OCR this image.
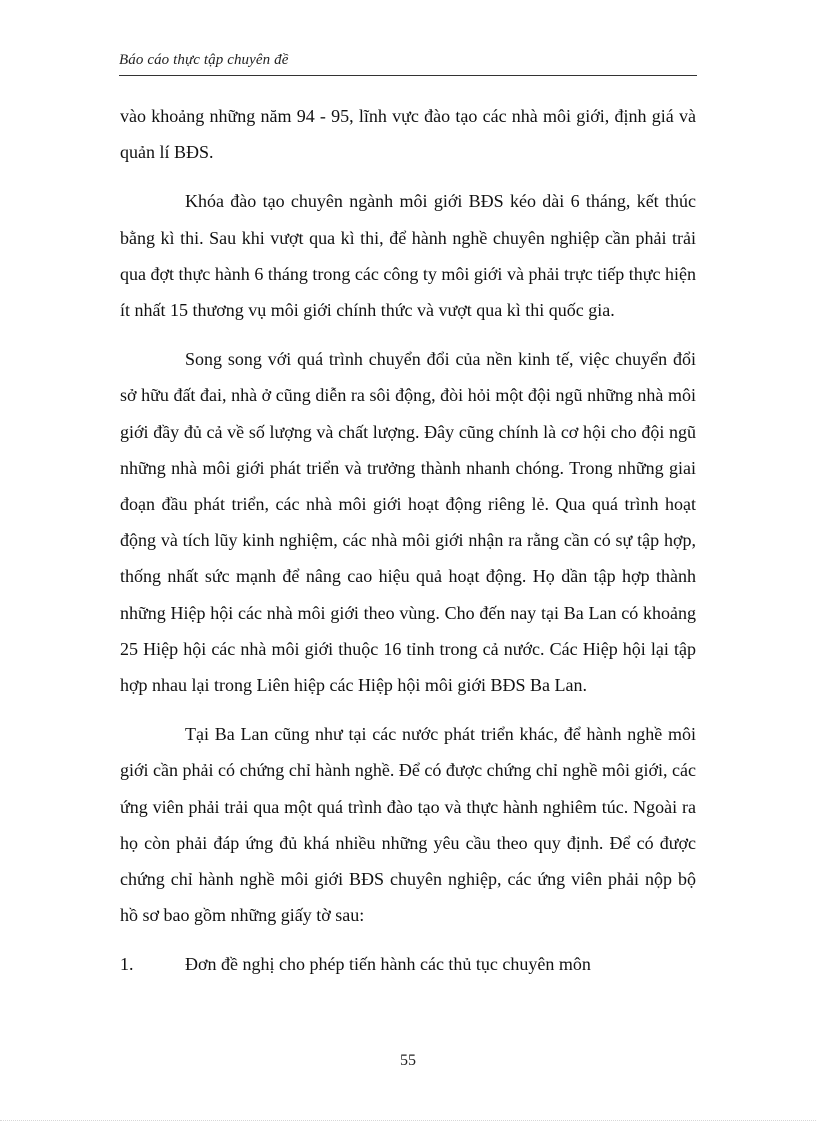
Báo cáo thực tập chuyên đề

vào khoảng những năm 94 - 95, lĩnh vực đào tạo các nhà môi giới, định giá và quản lí BĐS.

Khóa đào tạo chuyên ngành môi giới BĐS kéo dài 6 tháng, kết thúc bằng kì thi. Sau khi vượt qua kì thi, để hành nghề chuyên nghiệp cần phải trải qua đợt thực hành 6 tháng trong các công ty môi giới và phải trực tiếp thực hiện ít nhất 15 thương vụ môi giới chính thức và vượt qua kì thi quốc gia.

Song song với quá trình chuyển đổi của nền kinh tế, việc chuyển đổi sở hữu đất đai, nhà ở cũng diễn ra sôi động, đòi hỏi một đội ngũ những nhà môi giới đầy đủ cả về số lượng và chất lượng. Đây cũng chính là cơ hội cho đội ngũ những nhà môi giới phát triển và trưởng thành nhanh chóng. Trong những giai đoạn đầu phát triển, các nhà môi giới hoạt động riêng lẻ. Qua quá trình hoạt động và tích lũy kinh nghiệm, các nhà môi giới nhận ra rằng cần có sự tập hợp, thống nhất sức mạnh để nâng cao hiệu quả hoạt động. Họ dần tập hợp thành những Hiệp hội các nhà môi giới theo vùng. Cho đến nay tại Ba Lan có khoảng 25 Hiệp hội các nhà môi giới thuộc 16 tỉnh trong cả nước. Các Hiệp hội lại tập hợp nhau lại trong Liên hiệp các Hiệp hội môi giới BĐS Ba Lan.

Tại Ba Lan cũng như tại các nước phát triển khác, để hành nghề môi giới cần phải có chứng chỉ hành nghề. Để có được chứng chỉ nghề môi giới, các ứng viên phải trải qua một quá trình đào tạo và thực hành nghiêm túc. Ngoài ra họ còn phải đáp ứng đủ khá nhiều những yêu cầu theo quy định. Để có được chứng chỉ hành nghề môi giới BĐS chuyên nghiệp, các ứng viên phải nộp bộ hồ sơ bao gồm những giấy tờ sau:

1.	Đơn đề nghị cho phép tiến hành các thủ tục chuyên môn
55
